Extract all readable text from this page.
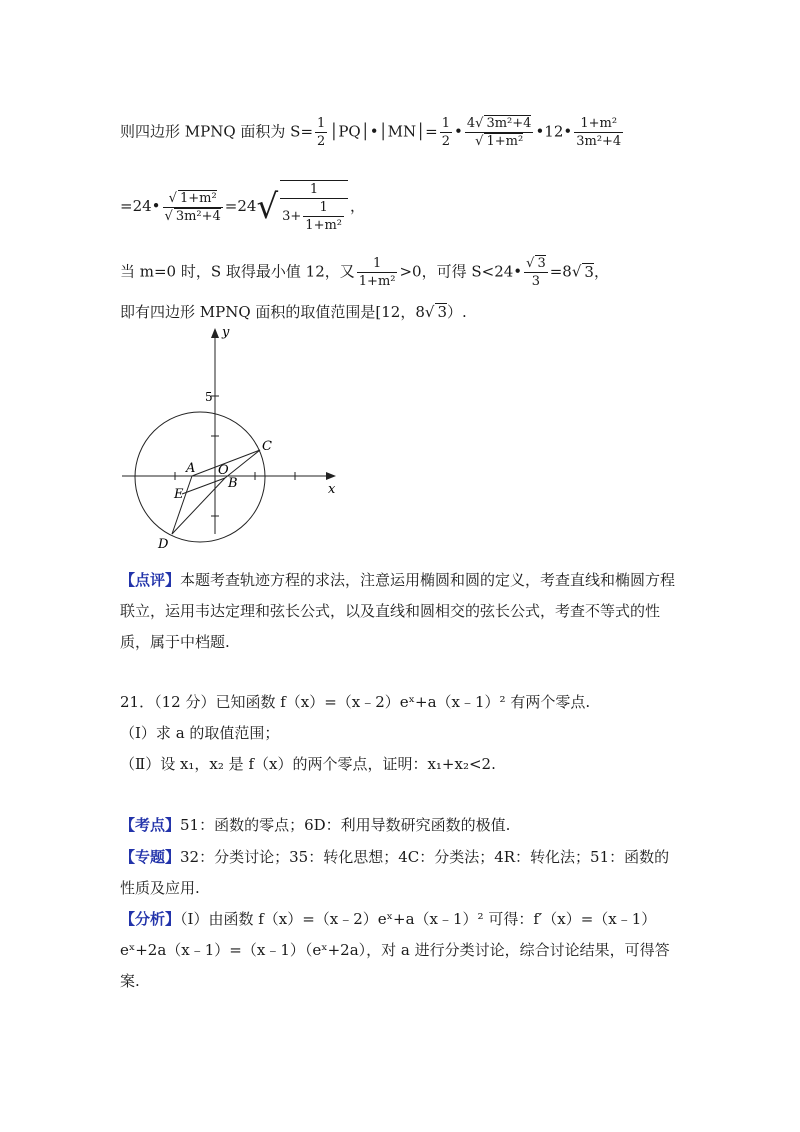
则四边形 MPNQ 面积为 $S= \frac{1}{2}$ │PQ│•│MN│= $\frac{1}{2}$ • $\frac{\text{4√ 3m²+4}}{\text{√ 1+m²}}$ •12• $\frac{\text{1+m²}}{\text{3m²+4}}$
=24• $\frac{\text{√ 1+m²}}{\text{√ 3m²+4}} =24√ \frac{1}{3+ \frac{1}{\text{1+m²}}}$ ，
当 m=0 时，S 取得最小值 12，又 $\frac{1}{\text{1+m²}} >0$，可得 S<24• $\frac{√ 3}{3} =8√$ 3，
即有四边形 MPNQ 面积的取值范围是[12，8√ 3）.
y
5
x
A O
B
C
E
D
【点评】本题考查轨迹方程的求法，注意运用椭圆和圆的定义，考查直线和椭圆方程联立，运用韦达定理和弦长公式，以及直线和圆相交的弦长公式，考查不等式的性质，属于中档题.
21．（12 分）已知函数 f（x）=（x﹣2）eˣ+a（x﹣1）² 有两个零点.
（Ⅰ）求 a 的取值范围；
（Ⅱ）设 x₁，x₂ 是 f（x）的两个零点，证明：x₁+x₂<2.
【考点】51：函数的零点；6D：利用导数研究函数的极值.
【专题】32：分类讨论；35：转化思想；4C：分类法；4R：转化法；51：函数的性质及应用.
【分析】（Ⅰ）由函数 f（x）=（x﹣2）eˣ+a（x﹣1）² 可得：f′（x）=（x﹣1）eˣ+2a（x﹣1）=（x﹣1）（eˣ+2a），对 a 进行分类讨论，综合讨论结果，可得答案.
